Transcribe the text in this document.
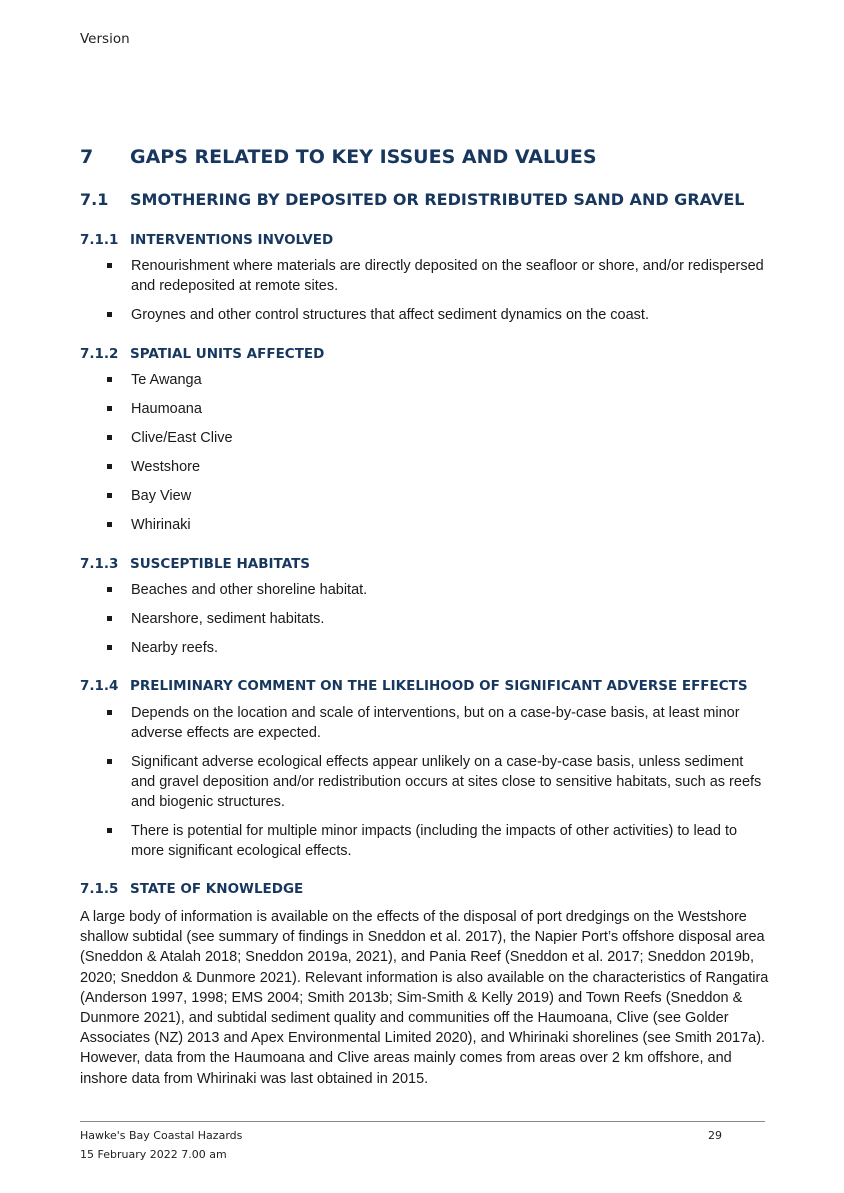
Version
7 GAPS RELATED TO KEY ISSUES AND VALUES
7.1 SMOTHERING BY DEPOSITED OR REDISTRIBUTED SAND AND GRAVEL
7.1.1 INTERVENTIONS INVOLVED
Renourishment where materials are directly deposited on the seafloor or shore, and/or redispersed and redeposited at remote sites.
Groynes and other control structures that affect sediment dynamics on the coast.
7.1.2 SPATIAL UNITS AFFECTED
Te Awanga
Haumoana
Clive/East Clive
Westshore
Bay View
Whirinaki
7.1.3 SUSCEPTIBLE HABITATS
Beaches and other shoreline habitat.
Nearshore, sediment habitats.
Nearby reefs.
7.1.4 PRELIMINARY COMMENT ON THE LIKELIHOOD OF SIGNIFICANT ADVERSE EFFECTS
Depends on the location and scale of interventions, but on a case-by-case basis, at least minor adverse effects are expected.
Significant adverse ecological effects appear unlikely on a case-by-case basis, unless sediment and gravel deposition and/or redistribution occurs at sites close to sensitive habitats, such as reefs and biogenic structures.
There is potential for multiple minor impacts (including the impacts of other activities) to lead to more significant ecological effects.
7.1.5 STATE OF KNOWLEDGE
A large body of information is available on the effects of the disposal of port dredgings on the Westshore shallow subtidal (see summary of findings in Sneddon et al. 2017), the Napier Port’s offshore disposal area (Sneddon & Atalah 2018; Sneddon 2019a, 2021), and Pania Reef (Sneddon et al. 2017; Sneddon 2019b, 2020; Sneddon & Dunmore 2021). Relevant information is also available on the characteristics of Rangatira (Anderson 1997, 1998; EMS 2004; Smith 2013b; Sim-Smith & Kelly 2019) and Town Reefs (Sneddon & Dunmore 2021), and subtidal sediment quality and communities off the Haumoana, Clive (see Golder Associates (NZ) 2013 and Apex Environmental Limited 2020), and Whirinaki shorelines (see Smith 2017a). However, data from the Haumoana and Clive areas mainly comes from areas over 2 km offshore, and inshore data from Whirinaki was last obtained in 2015.
Hawke's Bay Coastal Hazards	29
15 February 2022 7.00 am
